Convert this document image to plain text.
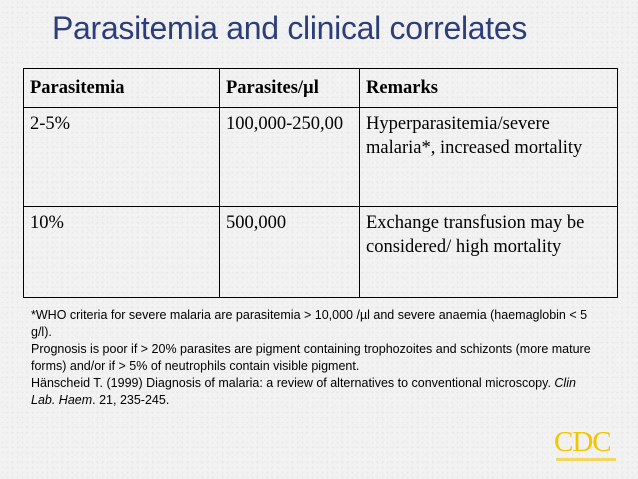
Parasitemia and clinical correlates
Parasitemia	Parasites/µl	Remarks
2-5%	100,000-250,00	Hyperparasitemia/severe malaria*, increased mortality
10%	500,000	Exchange transfusion may be considered/ high mortality

*WHO criteria for severe malaria are parasitemia > 10,000 /µl and severe anaemia (haemaglobin < 5 g/l).

Prognosis is poor if > 20% parasites are pigment containing trophozoites and schizonts (more mature forms) and/or if > 5% of neutrophils contain visible pigment.

Hänscheid T. (1999) Diagnosis of malaria: a review of alternatives to conventional microscopy. Clin Lab. Haem. 21, 235-245.

CDC
